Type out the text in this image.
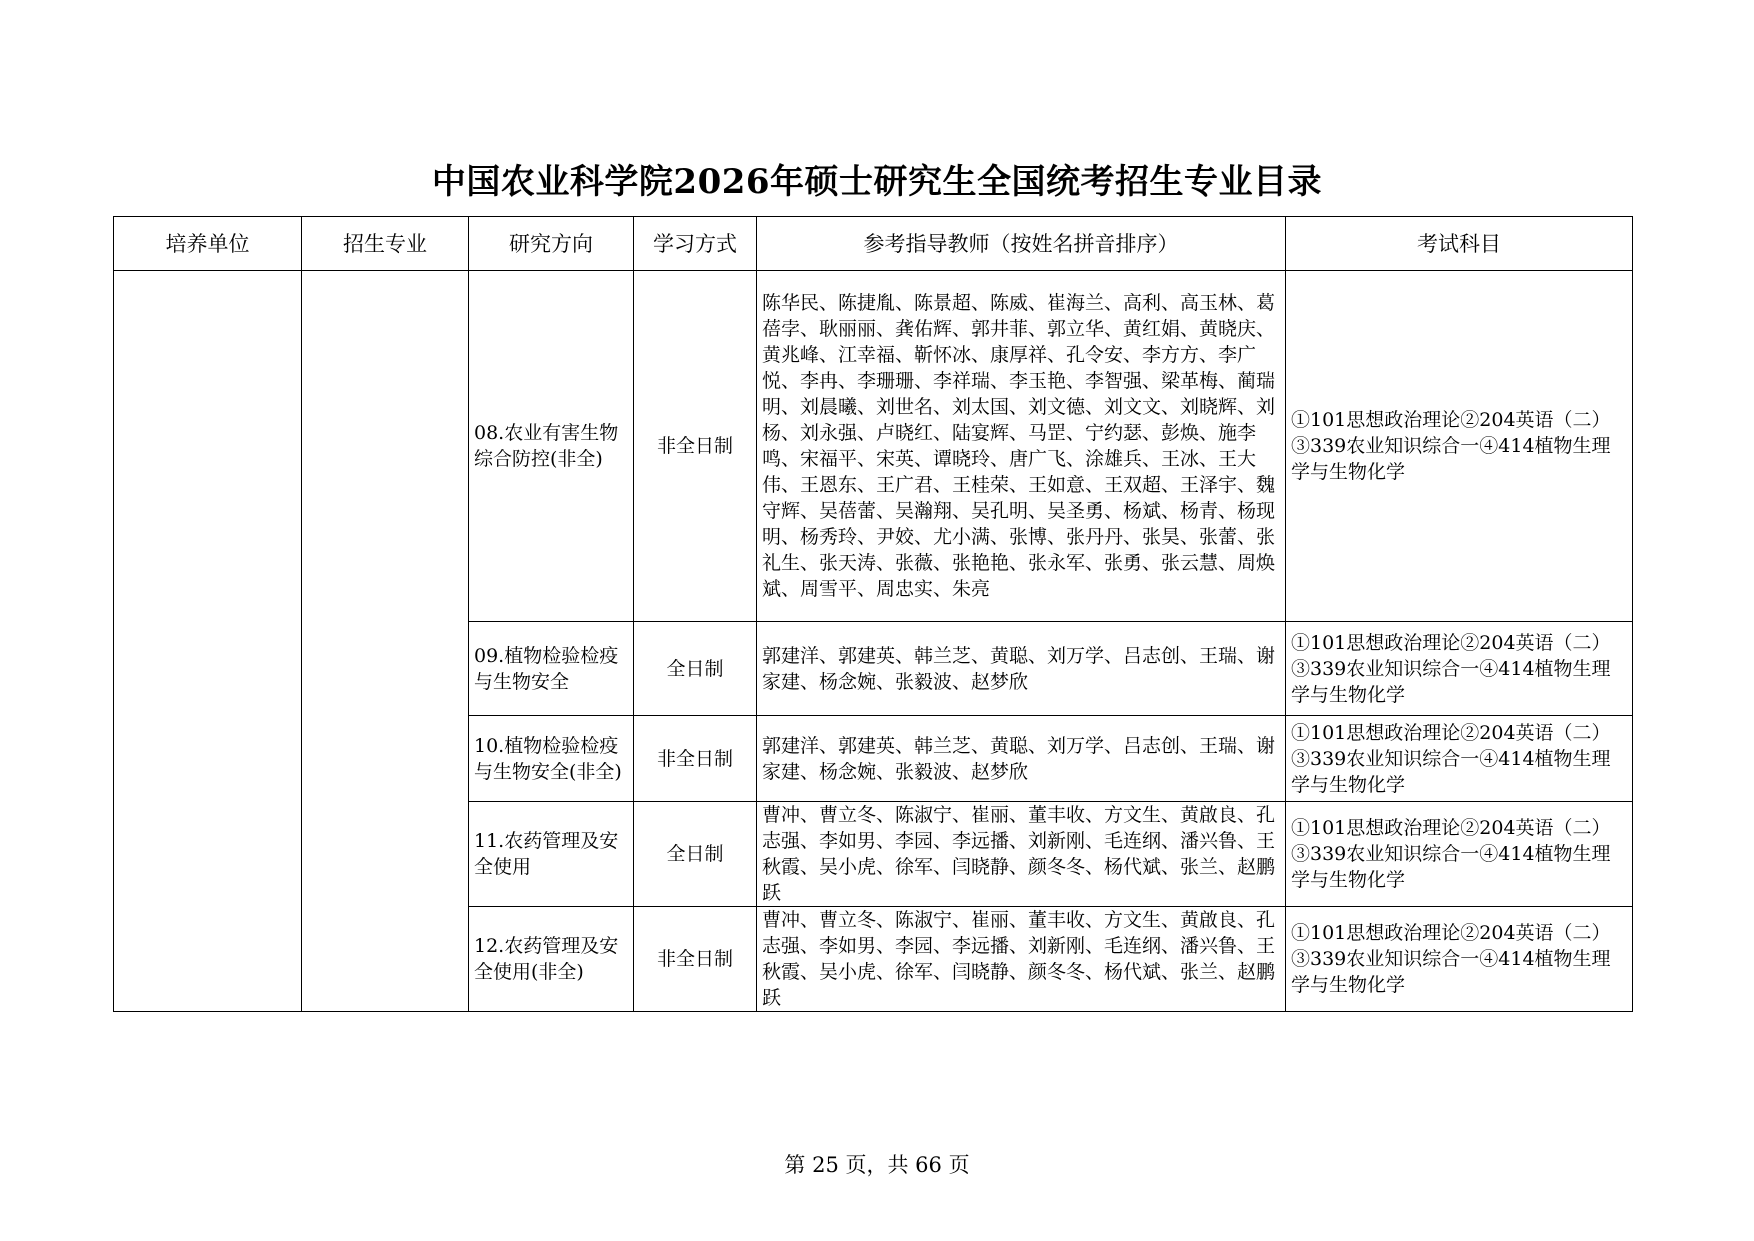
中国农业科学院2026年硕士研究生全国统考招生专业目录
培养单位	招生专业	研究方向	学习方式	参考指导教师（按姓名拼音排序）	考试科目
		08.农业有害生物综合防控(非全)	非全日制	陈华民、陈捷胤、陈景超、陈威、崔海兰、高利、高玉林、葛蓓孛、耿丽丽、龚佑辉、郭井菲、郭立华、黄红娟、黄晓庆、黄兆峰、江幸福、靳怀冰、康厚祥、孔令安、李方方、李广悦、李冉、李珊珊、李祥瑞、李玉艳、李智强、梁革梅、蔺瑞明、刘晨曦、刘世名、刘太国、刘文德、刘文文、刘晓辉、刘杨、刘永强、卢晓红、陆宴辉、马罡、宁约瑟、彭焕、施李鸣、宋福平、宋英、谭晓玲、唐广飞、涂雄兵、王冰、王大伟、王恩东、王广君、王桂荣、王如意、王双超、王泽宇、魏守辉、吴蓓蕾、吴瀚翔、吴孔明、吴圣勇、杨斌、杨青、杨现明、杨秀玲、尹姣、尤小满、张博、张丹丹、张昊、张蕾、张礼生、张天涛、张薇、张艳艳、张永军、张勇、张云慧、周焕斌、周雪平、周忠实、朱亮	①101思想政治理论②204英语（二）③339农业知识综合一④414植物生理学与生物化学
		09.植物检验检疫与生物安全	全日制	郭建洋、郭建英、韩兰芝、黄聪、刘万学、吕志创、王瑞、谢家建、杨念婉、张毅波、赵梦欣	①101思想政治理论②204英语（二）③339农业知识综合一④414植物生理学与生物化学
		10.植物检验检疫与生物安全(非全)	非全日制	郭建洋、郭建英、韩兰芝、黄聪、刘万学、吕志创、王瑞、谢家建、杨念婉、张毅波、赵梦欣	①101思想政治理论②204英语（二）③339农业知识综合一④414植物生理学与生物化学
		11.农药管理及安全使用	全日制	曹冲、曹立冬、陈淑宁、崔丽、董丰收、方文生、黄啟良、孔志强、李如男、李园、李远播、刘新刚、毛连纲、潘兴鲁、王秋霞、吴小虎、徐军、闫晓静、颜冬冬、杨代斌、张兰、赵鹏跃	①101思想政治理论②204英语（二）③339农业知识综合一④414植物生理学与生物化学
		12.农药管理及安全使用(非全)	非全日制	曹冲、曹立冬、陈淑宁、崔丽、董丰收、方文生、黄啟良、孔志强、李如男、李园、李远播、刘新刚、毛连纲、潘兴鲁、王秋霞、吴小虎、徐军、闫晓静、颜冬冬、杨代斌、张兰、赵鹏跃	①101思想政治理论②204英语（二）③339农业知识综合一④414植物生理学与生物化学
第 25 页，共 66 页
